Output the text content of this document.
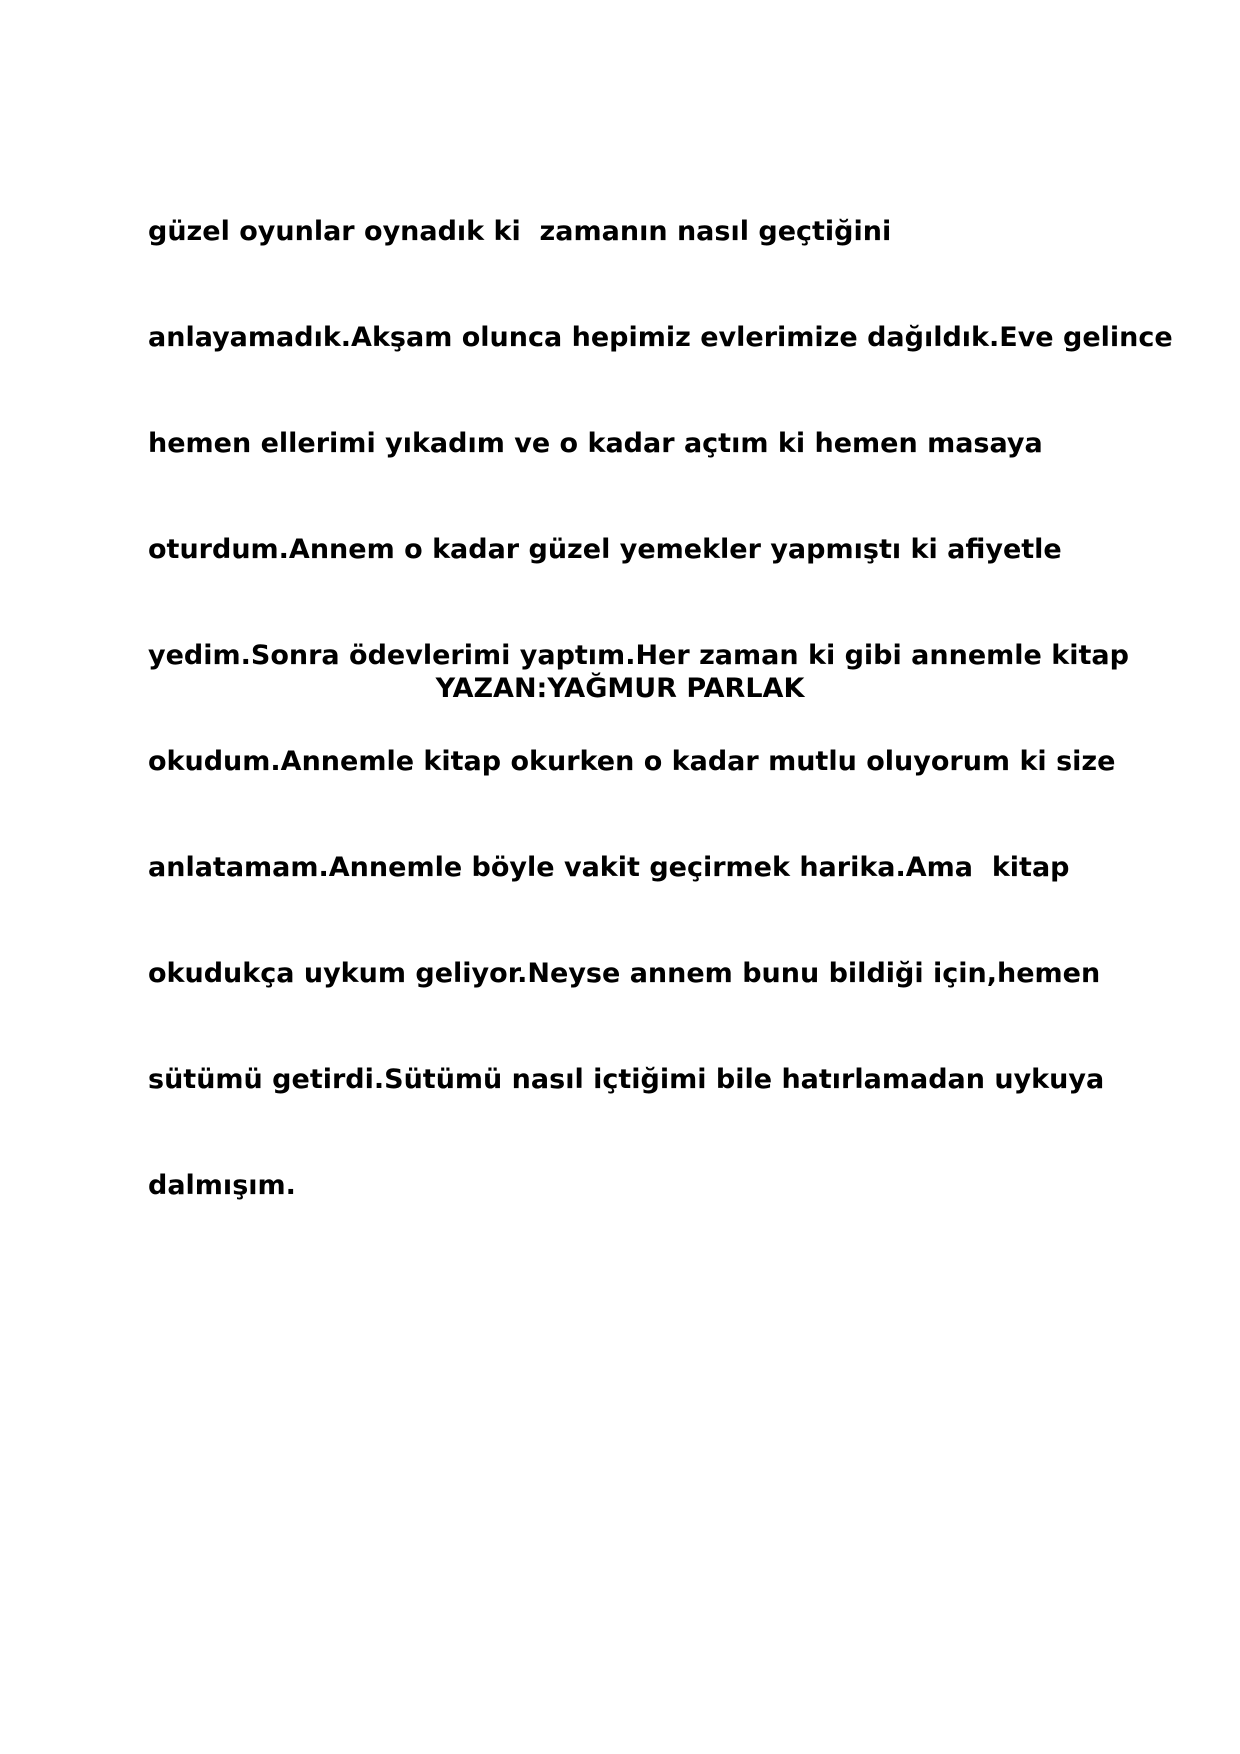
güzel oyunlar oynadık ki  zamanın nasıl geçtiğini

anlayamadık.Akşam olunca hepimiz evlerimize dağıldık.Eve gelince

hemen ellerimi yıkadım ve o kadar açtım ki hemen masaya

oturdum.Annem o kadar güzel yemekler yapmıştı ki afiyetle

yedim.Sonra ödevlerimi yaptım.Her zaman ki gibi annemle kitap

okudum.Annemle kitap okurken o kadar mutlu oluyorum ki size

anlatamam.Annemle böyle vakit geçirmek harika.Ama  kitap

okudukça uykum geliyor.Neyse annem bunu bildiği için,hemen

sütümü getirdi.Sütümü nasıl içtiğimi bile hatırlamadan uykuya

dalmışım.

YAZAN:YAĞMUR PARLAK
